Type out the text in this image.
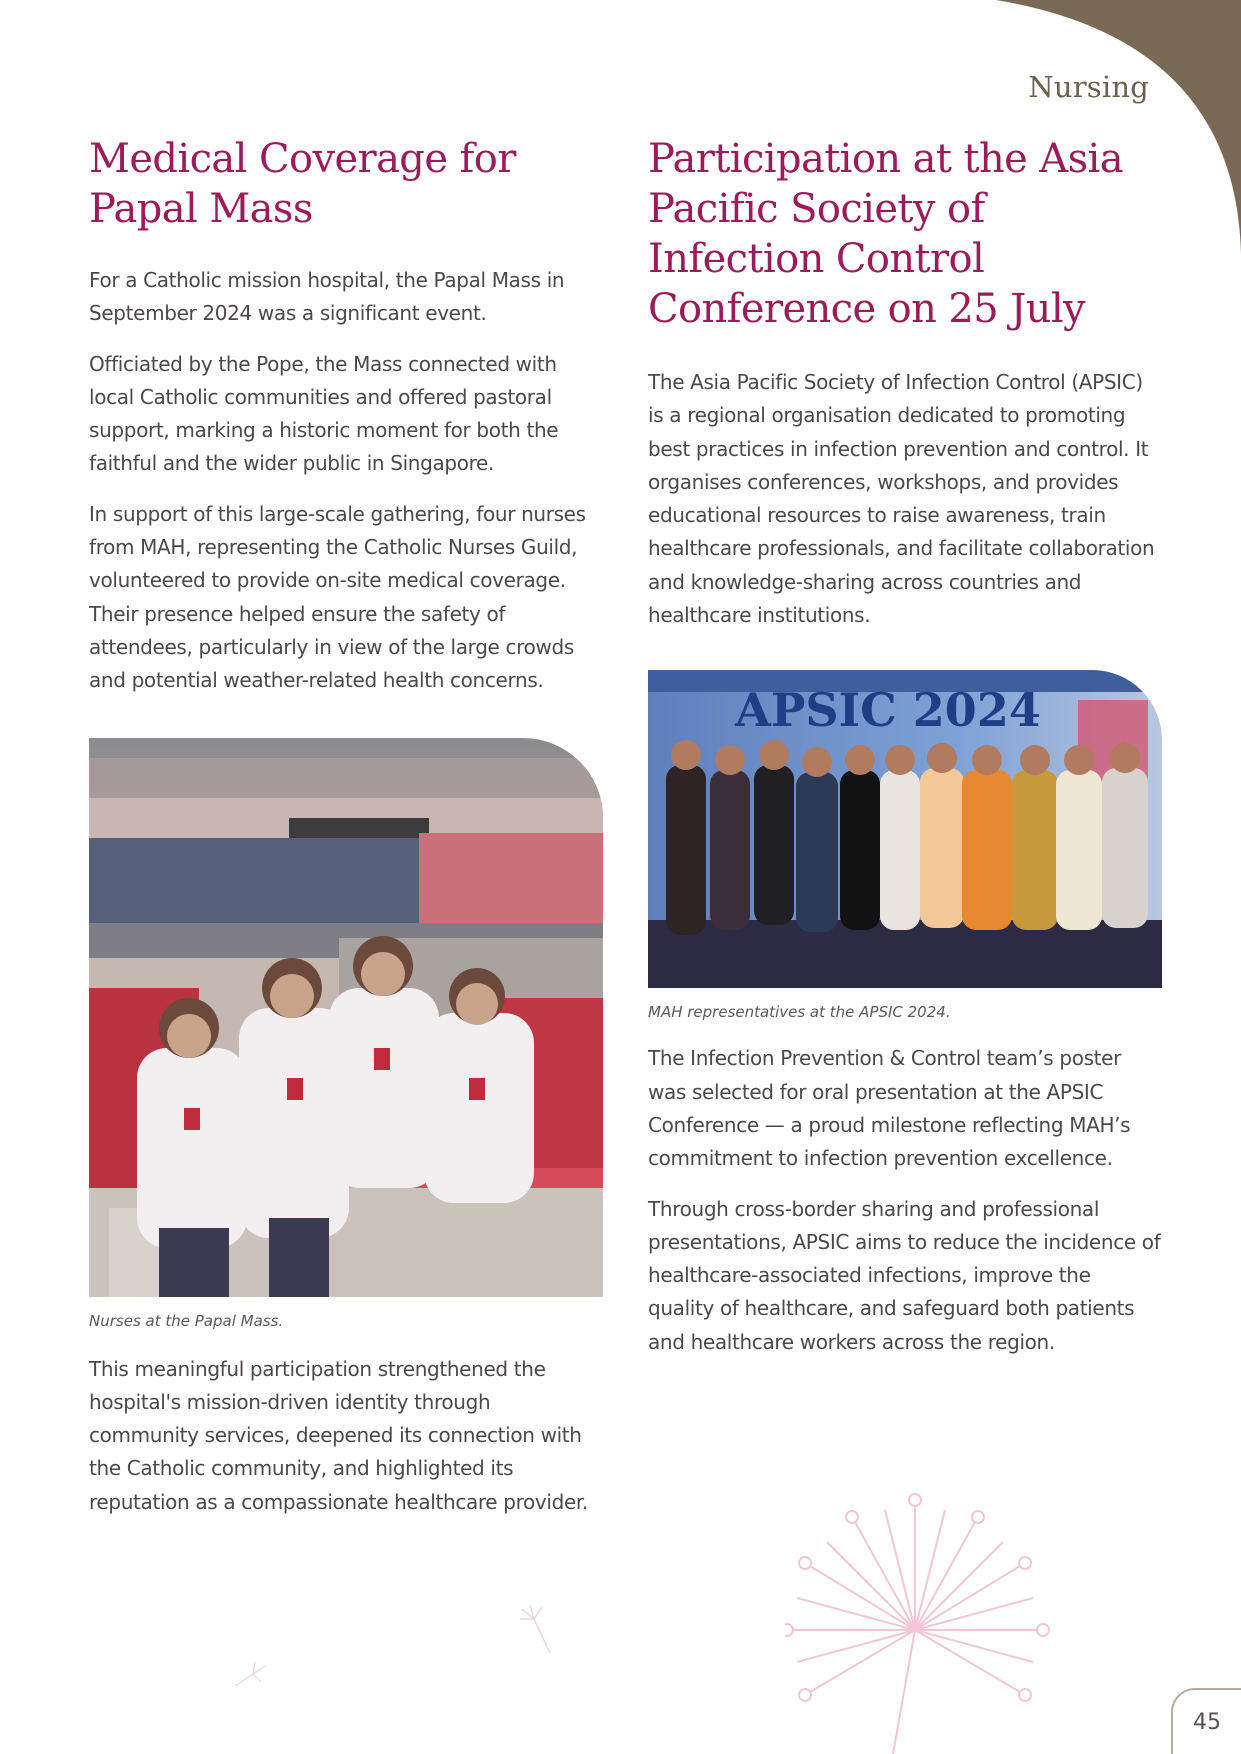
Nursing
Medical Coverage for Papal Mass

For a Catholic mission hospital, the Papal Mass in September 2024 was a significant event.

Officiated by the Pope, the Mass connected with local Catholic communities and offered pastoral support, marking a historic moment for both the faithful and the wider public in Singapore.

In support of this large-scale gathering, four nurses from MAH, representing the Catholic Nurses Guild, volunteered to provide on-site medical coverage. Their presence helped ensure the safety of attendees, particularly in view of the large crowds and potential weather-related health concerns.

Nurses at the Papal Mass.

This meaningful participation strengthened the hospital's mission-driven identity through community services, deepened its connection with the Catholic community, and highlighted its reputation as a compassionate healthcare provider.

Participation at the Asia Pacific Society of Infection Control Conference on 25 July

The Asia Pacific Society of Infection Control (APSIC) is a regional organisation dedicated to promoting best practices in infection prevention and control. It organises conferences, workshops, and provides educational resources to raise awareness, train healthcare professionals, and facilitate collaboration and knowledge-sharing across countries and healthcare institutions.

APSIC 2024
MAH representatives at the APSIC 2024.

The Infection Prevention & Control team’s poster was selected for oral presentation at the APSIC Conference — a proud milestone reflecting MAH’s commitment to infection prevention excellence.

Through cross-border sharing and professional presentations, APSIC aims to reduce the incidence of healthcare-associated infections, improve the quality of healthcare, and safeguard both patients and healthcare workers across the region.

45
